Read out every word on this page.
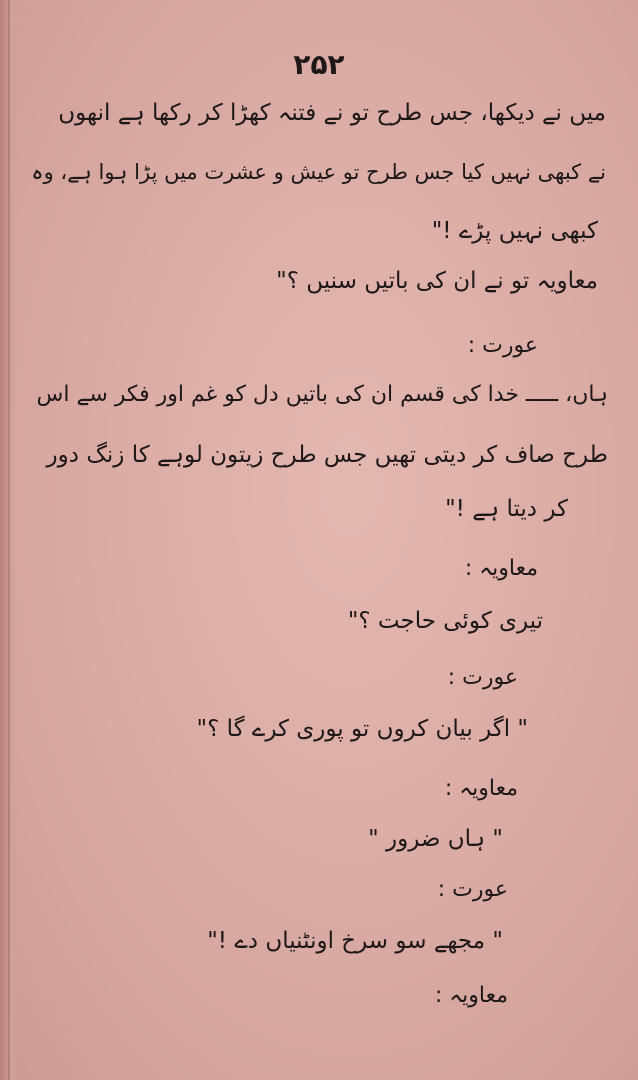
۲۵۲
میں نے دیکھا، جس طرح تو نے فتنہ کھڑا کر رکھا ہے انھوں
نے کبھی نہیں کیا جس طرح تو عیش و عشرت میں پڑا ہوا ہے، وہ
کبھی نہیں پڑے !"
معاویہ تو نے ان کی باتیں سنیں ؟"
عورت :
ہاں، ـــــ خدا کی قسم ان کی باتیں دل کو غم اور فکر سے اس
طرح صاف کر دیتی تھیں جس طرح زیتون لوہے کا زنگ دور
کر دیتا ہے !"
معاویہ :
تیری کوئی حاجت ؟"
عورت :
" اگر بیان کروں تو پوری کرے گا ؟"
معاویہ :
" ہاں ضرور "
عورت :
" مجھے سو سرخ اونٹنیاں دے !"
معاویہ :
